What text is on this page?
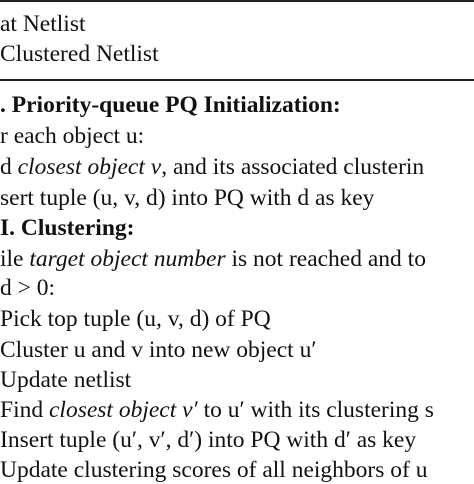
at Netlist
Clustered Netlist
. Priority-queue PQ Initialization:
r each object u:
d closest object v, and its associated clusterin
sert tuple (u, v, d) into PQ with d as key
I. Clustering:
ile target object number is not reached and to
d > 0:
Pick top tuple (u, v, d) of PQ
Cluster u and v into new object u′
Update netlist
Find closest object v′ to u′ with its clustering s
Insert tuple (u′, v′, d′) into PQ with d′ as key
Update clustering scores of all neighbors of u
